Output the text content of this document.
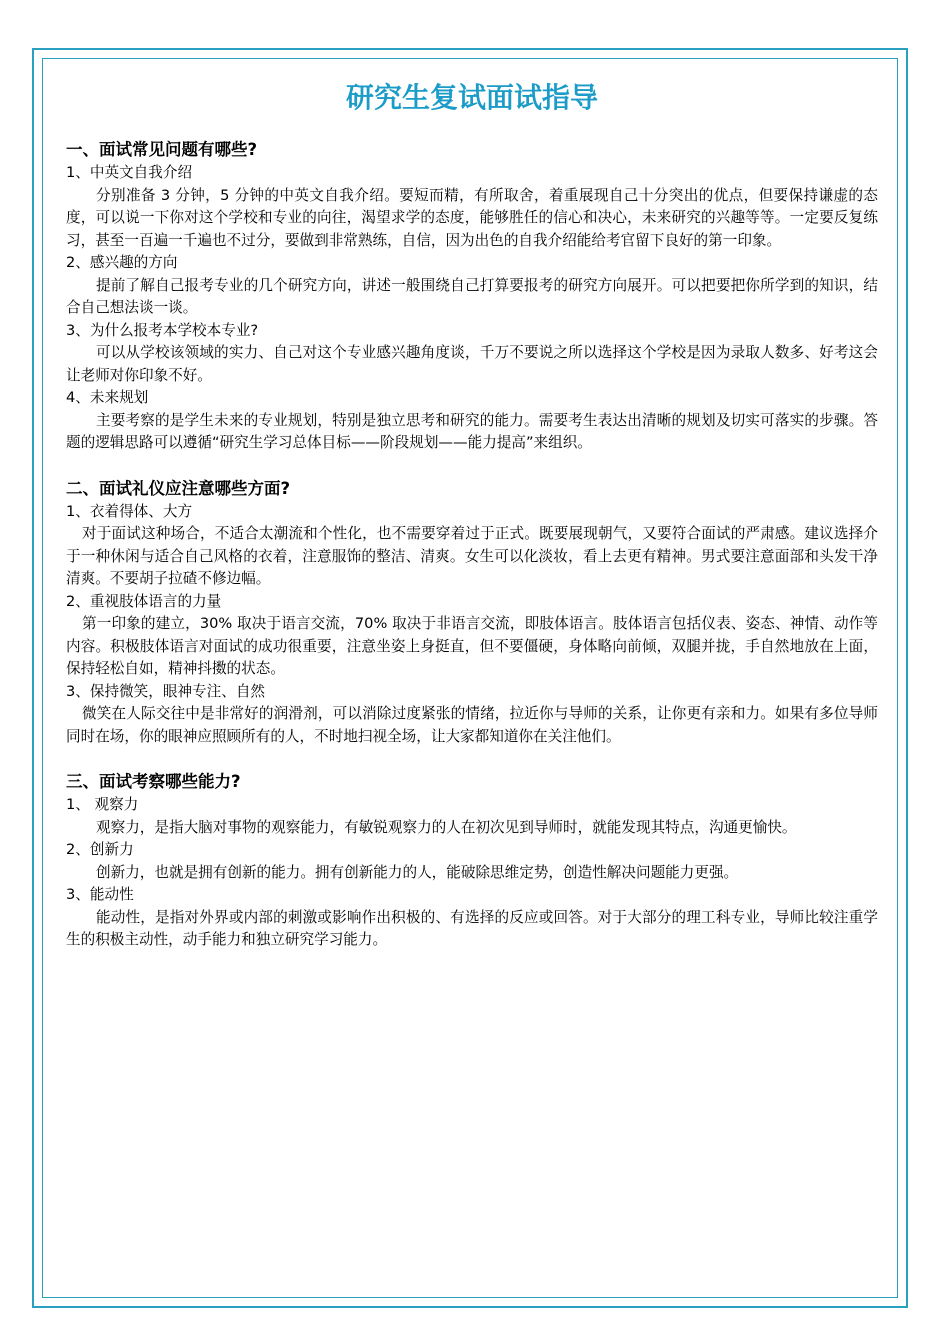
研究生复试面试指导

一、面试常见问题有哪些?

1、中英文自我介绍

分别准备 3 分钟，5 分钟的中英文自我介绍。要短而精，有所取舍，着重展现自己十分突出的优点，但要保持谦虚的态度，可以说一下你对这个学校和专业的向往，渴望求学的态度，能够胜任的信心和决心，未来研究的兴趣等等。一定要反复练习，甚至一百遍一千遍也不过分，要做到非常熟练，自信，因为出色的自我介绍能给考官留下良好的第一印象。

2、感兴趣的方向

提前了解自己报考专业的几个研究方向，讲述一般围绕自己打算要报考的研究方向展开。可以把要把你所学到的知识，结合自己想法谈一谈。

3、为什么报考本学校本专业?

可以从学校该领域的实力、自己对这个专业感兴趣角度谈，千万不要说之所以选择这个学校是因为录取人数多、好考这会让老师对你印象不好。

4、未来规划

主要考察的是学生未来的专业规划，特别是独立思考和研究的能力。需要考生表达出清晰的规划及切实可落实的步骤。答题的逻辑思路可以遵循“研究生学习总体目标——阶段规划——能力提高”来组织。

二、面试礼仪应注意哪些方面?

1、衣着得体、大方

对于面试这种场合，不适合太潮流和个性化，也不需要穿着过于正式。既要展现朝气，又要符合面试的严肃感。建议选择介于一种休闲与适合自己风格的衣着，注意服饰的整洁、清爽。女生可以化淡妆，看上去更有精神。男式要注意面部和头发干净清爽。不要胡子拉碴不修边幅。

2、重视肢体语言的力量

第一印象的建立，30% 取决于语言交流，70% 取决于非语言交流，即肢体语言。肢体语言包括仪表、姿态、神情、动作等内容。积极肢体语言对面试的成功很重要，注意坐姿上身挺直，但不要僵硬，身体略向前倾，双腿并拢，手自然地放在上面，保持轻松自如，精神抖擞的状态。

3、保持微笑，眼神专注、自然

微笑在人际交往中是非常好的润滑剂，可以消除过度紧张的情绪，拉近你与导师的关系，让你更有亲和力。如果有多位导师同时在场，你的眼神应照顾所有的人，不时地扫视全场，让大家都知道你在关注他们。

三、面试考察哪些能力?

1、 观察力

观察力，是指大脑对事物的观察能力，有敏锐观察力的人在初次见到导师时，就能发现其特点，沟通更愉快。

2、创新力

创新力，也就是拥有创新的能力。拥有创新能力的人，能破除思维定势，创造性解决问题能力更强。

3、能动性

能动性，是指对外界或内部的刺激或影响作出积极的、有选择的反应或回答。对于大部分的理工科专业，导师比较注重学生的积极主动性，动手能力和独立研究学习能力。
